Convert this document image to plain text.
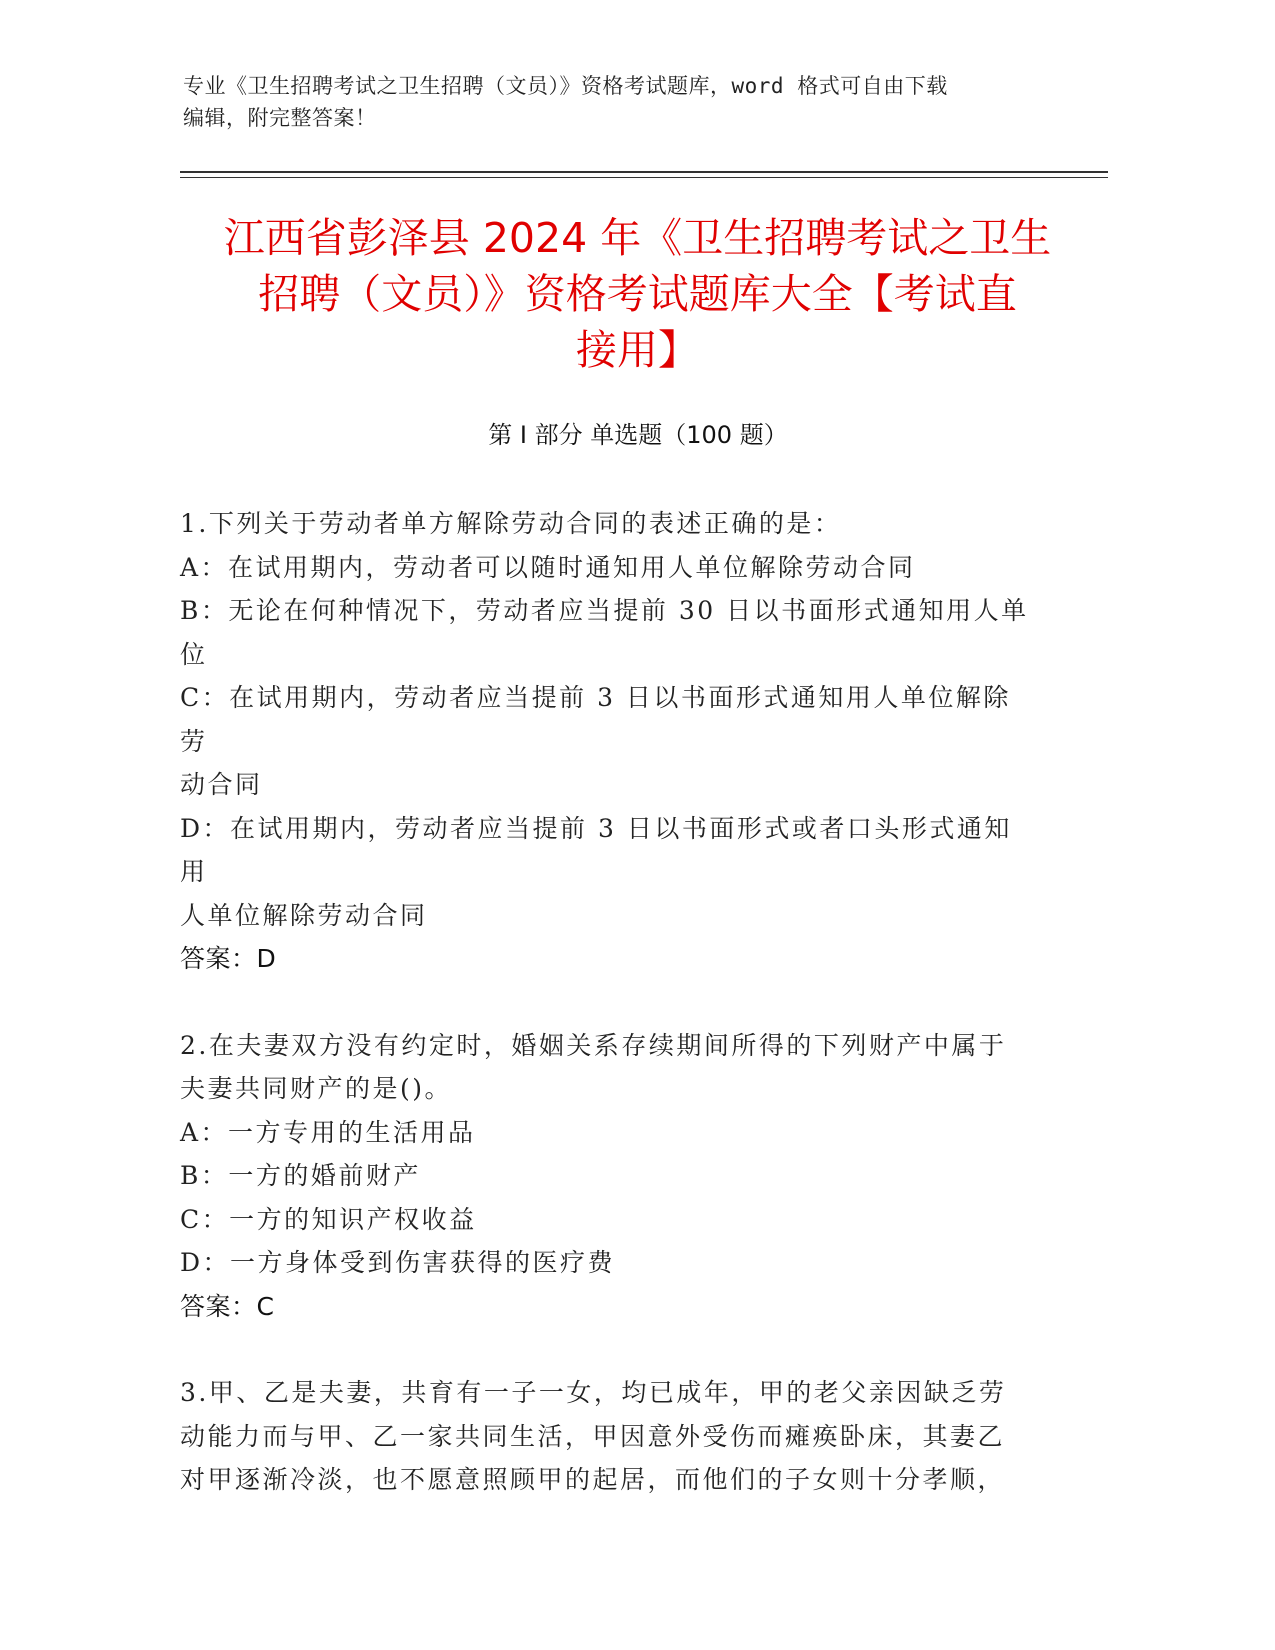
专业《卫生招聘考试之卫生招聘（文员）》资格考试题库，word 格式可自由下载
编辑，附完整答案！
江西省彭泽县 2024 年《卫生招聘考试之卫生
招聘（文员）》资格考试题库大全【考试直
接用】
第 I 部分 单选题（100 题）
1.下列关于劳动者单方解除劳动合同的表述正确的是：
A：在试用期内，劳动者可以随时通知用人单位解除劳动合同
B：无论在何种情况下，劳动者应当提前 30 日以书面形式通知用人单
位
C：在试用期内，劳动者应当提前 3 日以书面形式通知用人单位解除劳
动合同
D：在试用期内，劳动者应当提前 3 日以书面形式或者口头形式通知用
人单位解除劳动合同
答案：D
2.在夫妻双方没有约定时，婚姻关系存续期间所得的下列财产中属于
夫妻共同财产的是()。
A：一方专用的生活用品
B：一方的婚前财产
C：一方的知识产权收益
D：一方身体受到伤害获得的医疗费
答案：C
3.甲、乙是夫妻，共育有一子一女，均已成年，甲的老父亲因缺乏劳
动能力而与甲、乙一家共同生活，甲因意外受伤而瘫痪卧床，其妻乙
对甲逐渐冷淡，也不愿意照顾甲的起居，而他们的子女则十分孝顺，
